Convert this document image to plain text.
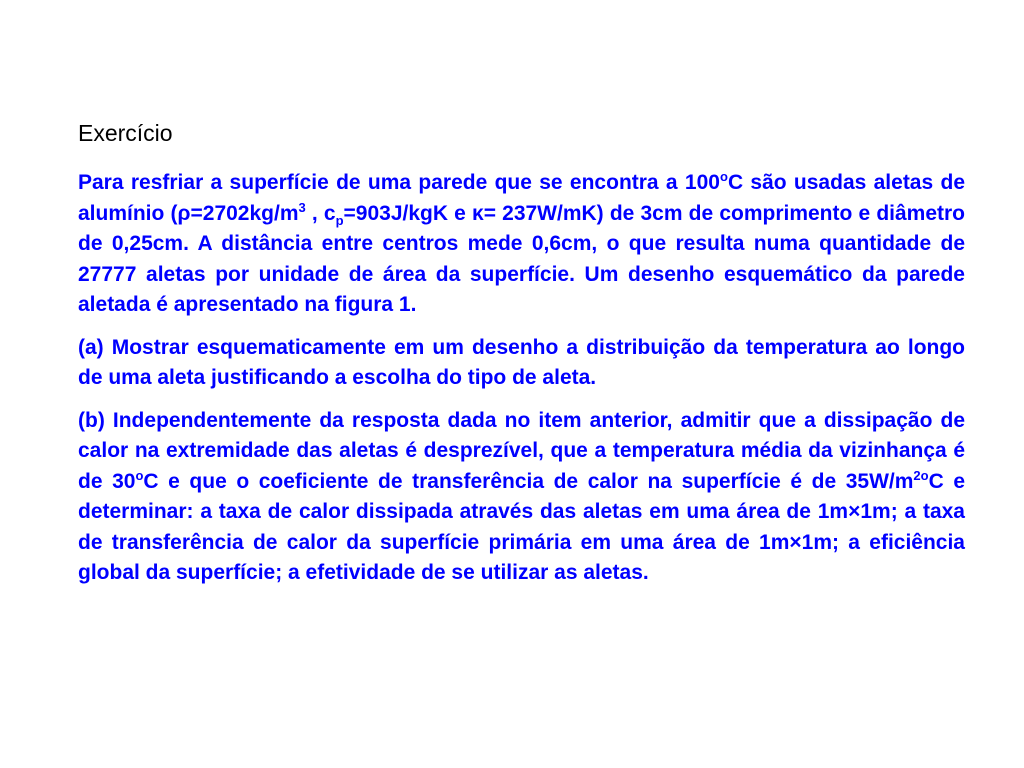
Exercício

Para resfriar a superfície de uma parede que se encontra a 100$^o$C são usadas aletas de alumínio ($\rho=2702kg/m^3$ , $c_p=903J$/kgK e κ= 237W/mK) de 3cm de comprimento e diâmetro de 0,25cm. A distância entre centros mede 0,6cm, o que resulta numa quantidade de 27777 aletas por unidade de área da superfície. Um desenho esquemático da parede aletada é apresentado na figura 1.

(a) Mostrar esquematicamente em um desenho a distribuição da temperatura ao longo de uma aleta justificando a escolha do tipo de aleta.

(b) Independentemente da resposta dada no item anterior, admitir que a dissipação de calor na extremidade das aletas é desprezível, que a temperatura média da vizinhança é de 30$^o$C e que o coeficiente de transferência de calor na superfície é de $35W/m^{2o}C$ e determinar: a taxa de calor dissipada através das aletas em uma área de 1m×1m; a taxa de transferência de calor da superfície primária em uma área de 1m×1m; a eficiência global da superfície; a efetividade de se utilizar as aletas.
